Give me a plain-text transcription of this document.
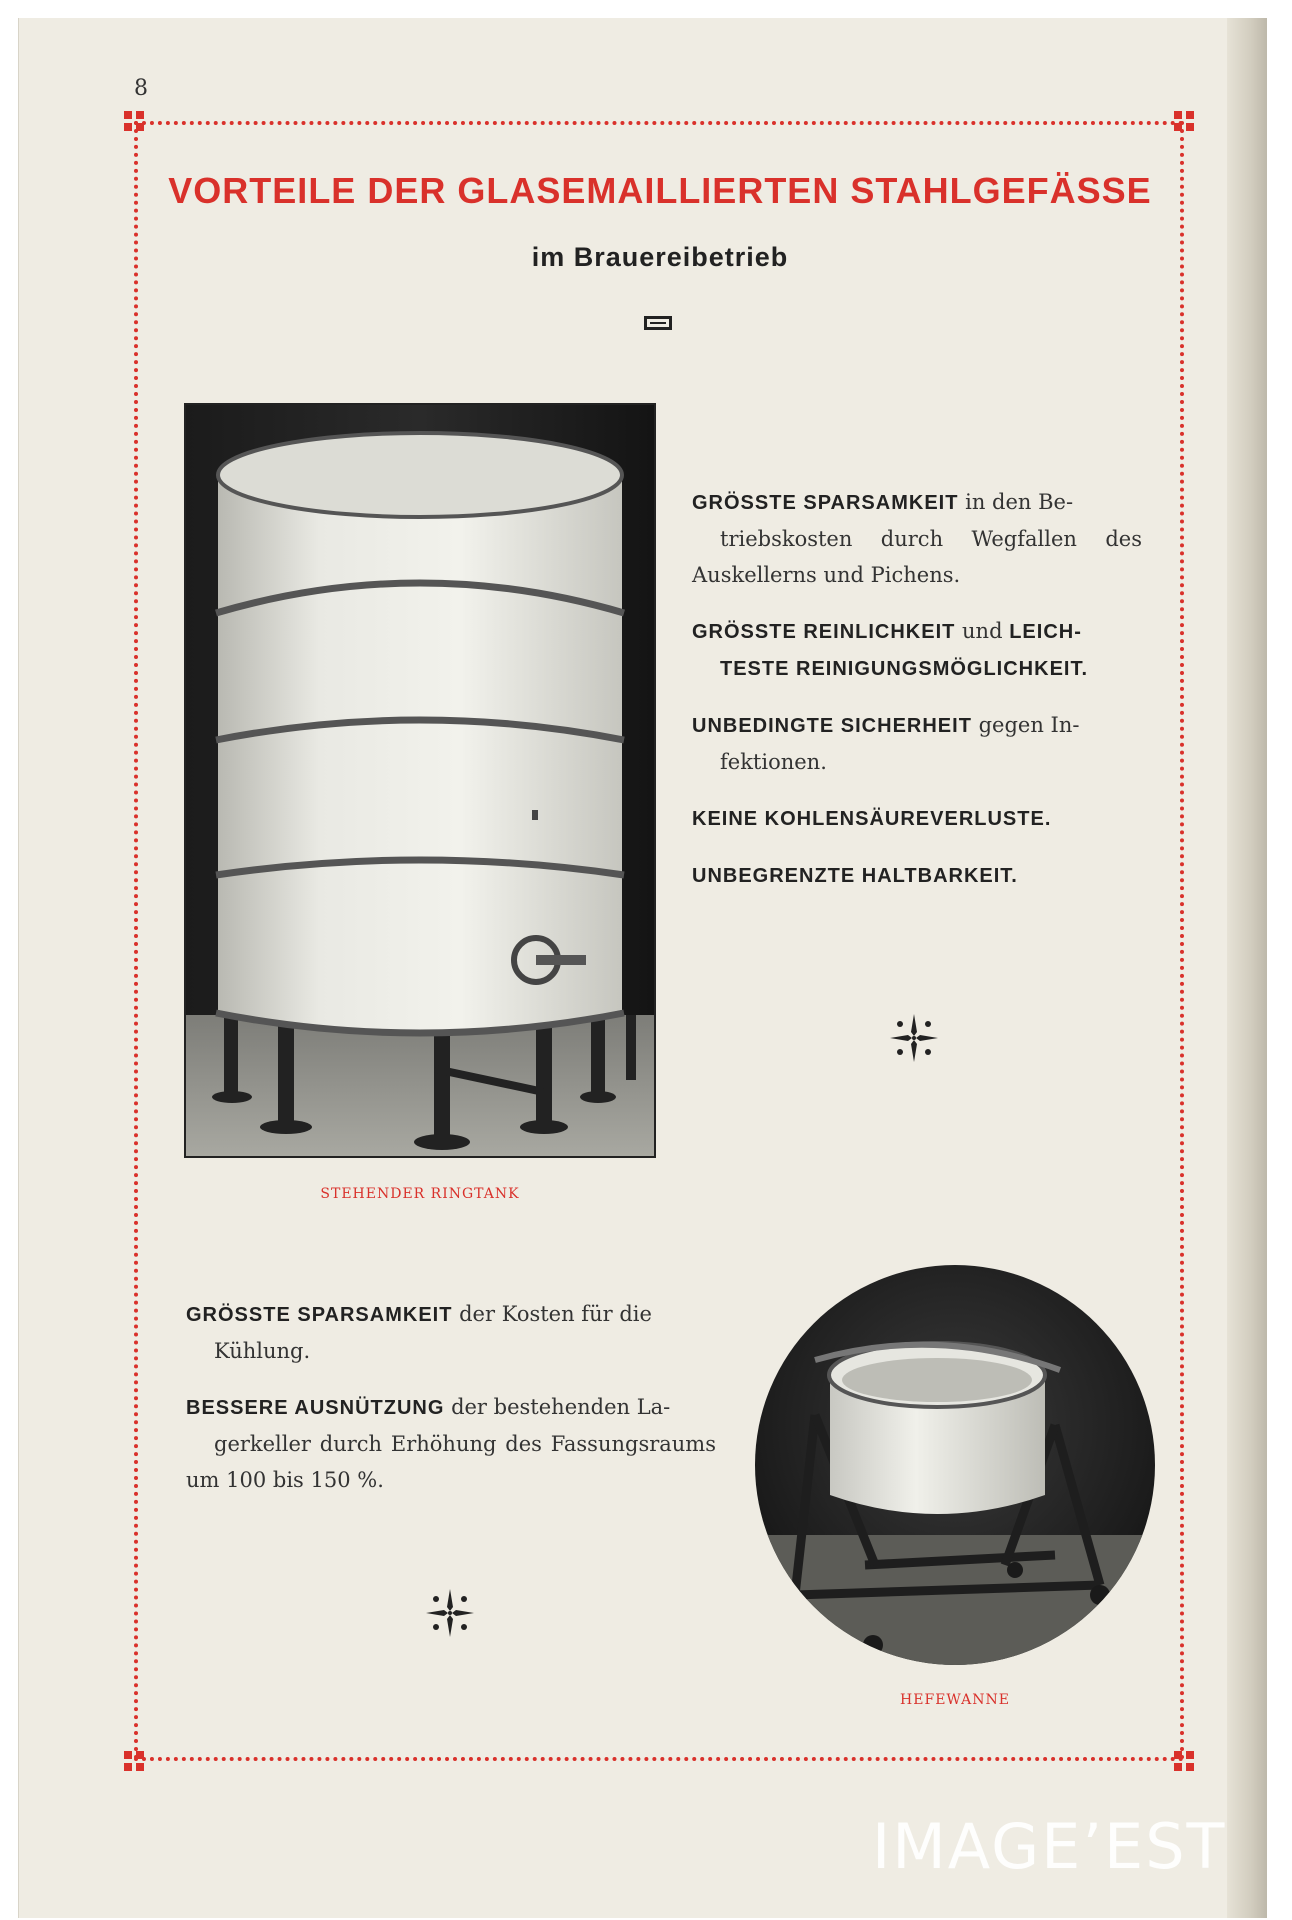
8
VORTEILE DER GLASEMAILLIERTEN STAHLGEFÄSSE
im Brauereibetrieb
STEHENDER RINGTANK

GRÖSSTE SPARSAMKEIT in den Be-
triebskosten durch Wegfallen des Auskellerns und Pichens.

GRÖSSTE REINLICHKEIT und LEICH-
TESTE REINIGUNGSMÖGLICHKEIT.

UNBEDINGTE SICHERHEIT gegen In-
fektionen.

KEINE KOHLENSÄUREVERLUSTE.

UNBEGRENZTE HALTBARKEIT.

GRÖSSTE SPARSAMKEIT der Kosten für die
Kühlung.

BESSERE AUSNÜTZUNG der bestehenden La-
gerkeller durch Erhöhung des Fassungsraums um 100 bis 150 %.

HEFEWANNE
IMAGE’EST
